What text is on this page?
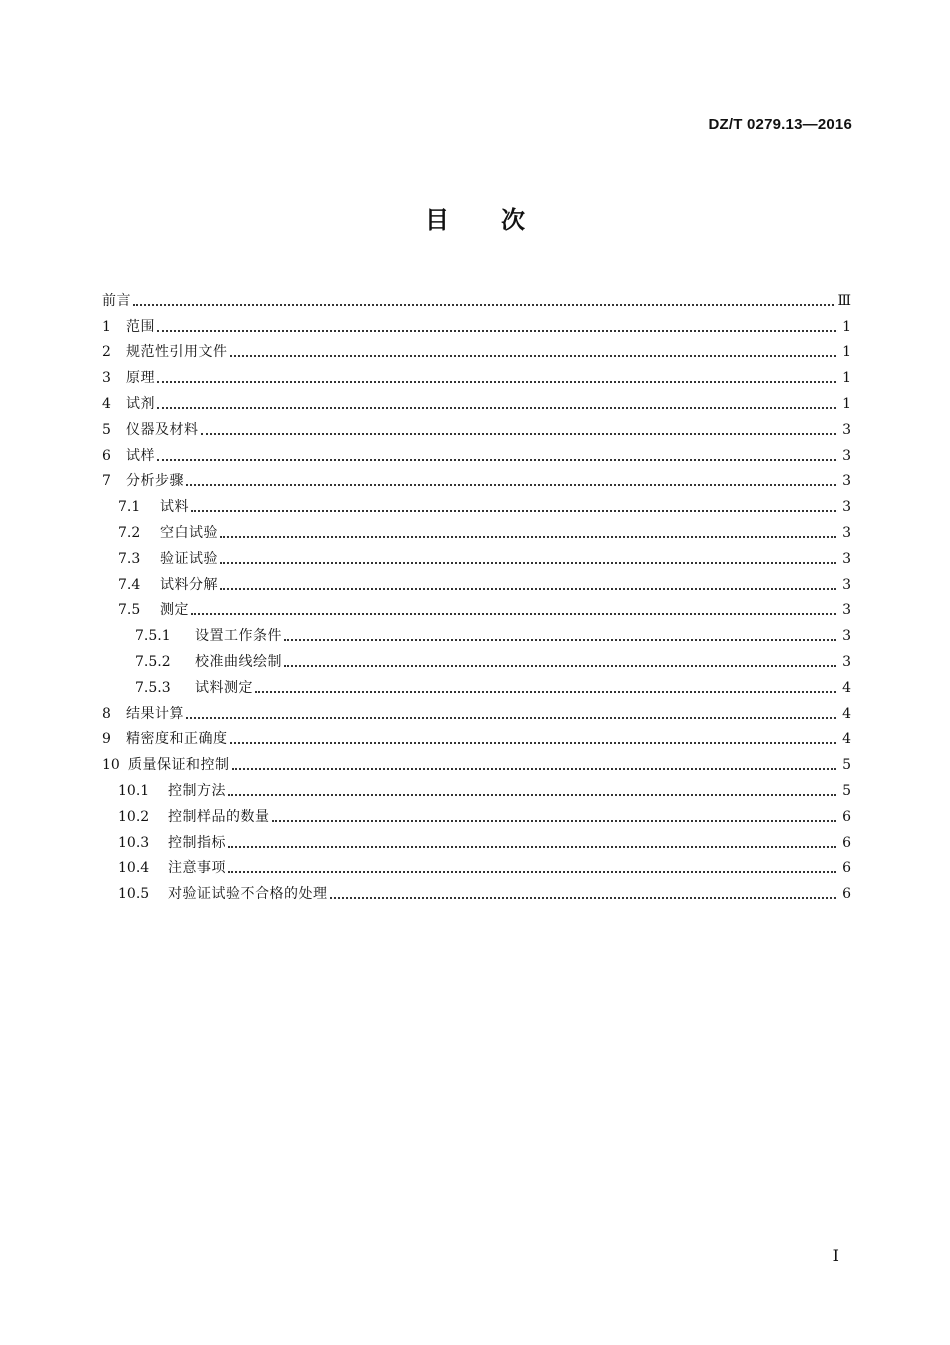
DZ/T 0279.13—2016
目 次
前言	Ⅲ
1	范围	1
2	规范性引用文件	1
3	原理	1
4	试剂	1
5	仪器及材料	3
6	试样	3
7	分析步骤	3
7.1	试料	3
7.2	空白试验	3
7.3	验证试验	3
7.4	试料分解	3
7.5	测定	3
7.5.1	设置工作条件	3
7.5.2	校准曲线绘制	3
7.5.3	试料测定	4
8	结果计算	4
9	精密度和正确度	4
10 质量保证和控制	5
10.1	控制方法	5
10.2	控制样品的数量	6
10.3	控制指标	6
10.4	注意事项	6
10.5	对验证试验不合格的处理	6
I
